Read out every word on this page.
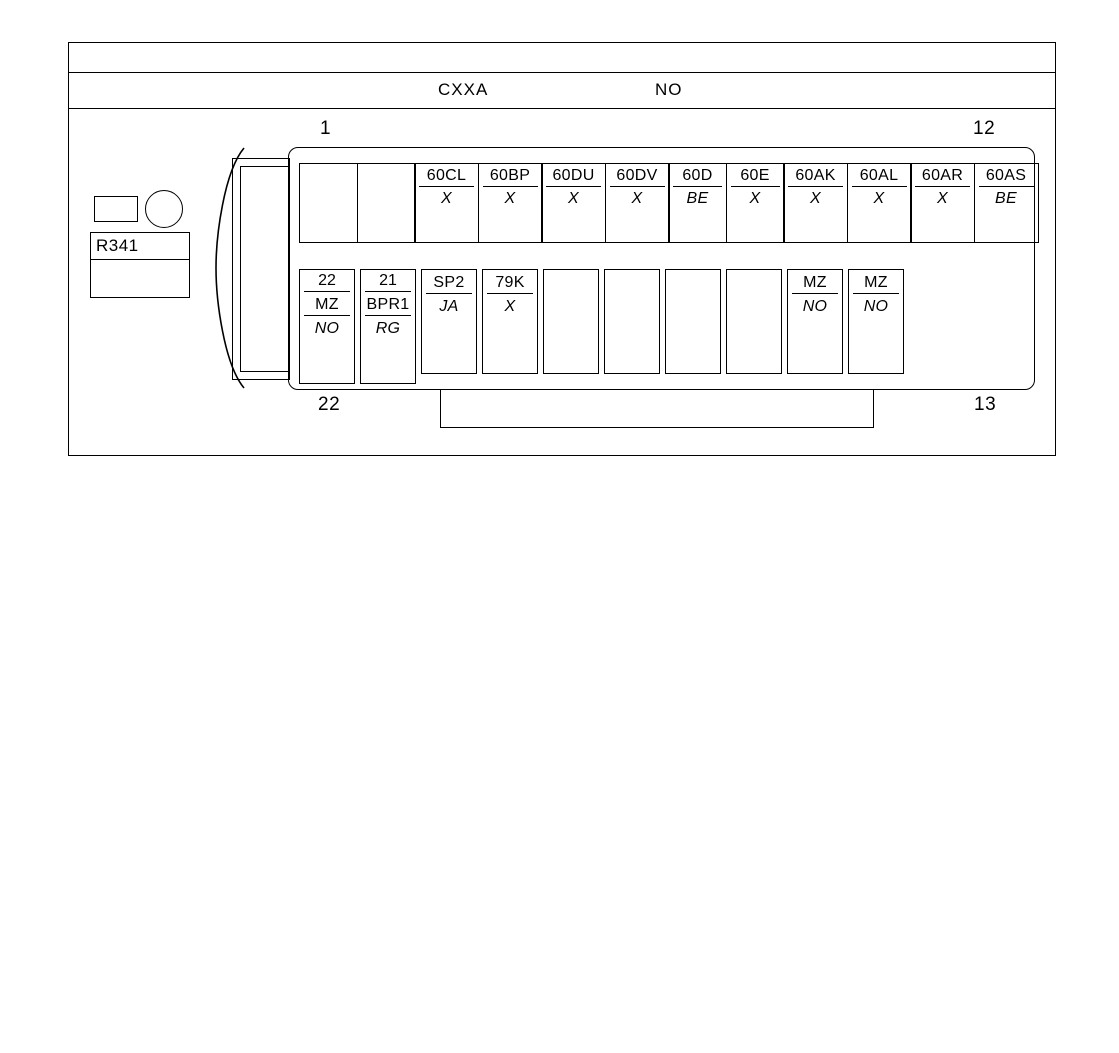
CXXA	NO
R341
1	12
22	13
60CL
X
60BP
X
60DU
X
60DV
X
60D
BE
60E
X
60AK
X
60AL
X
60AR
X
60AS
BE
22
MZ
NO
21
BPR1
RG
SP2
JA
79K
X
MZ
NO
MZ
NO
